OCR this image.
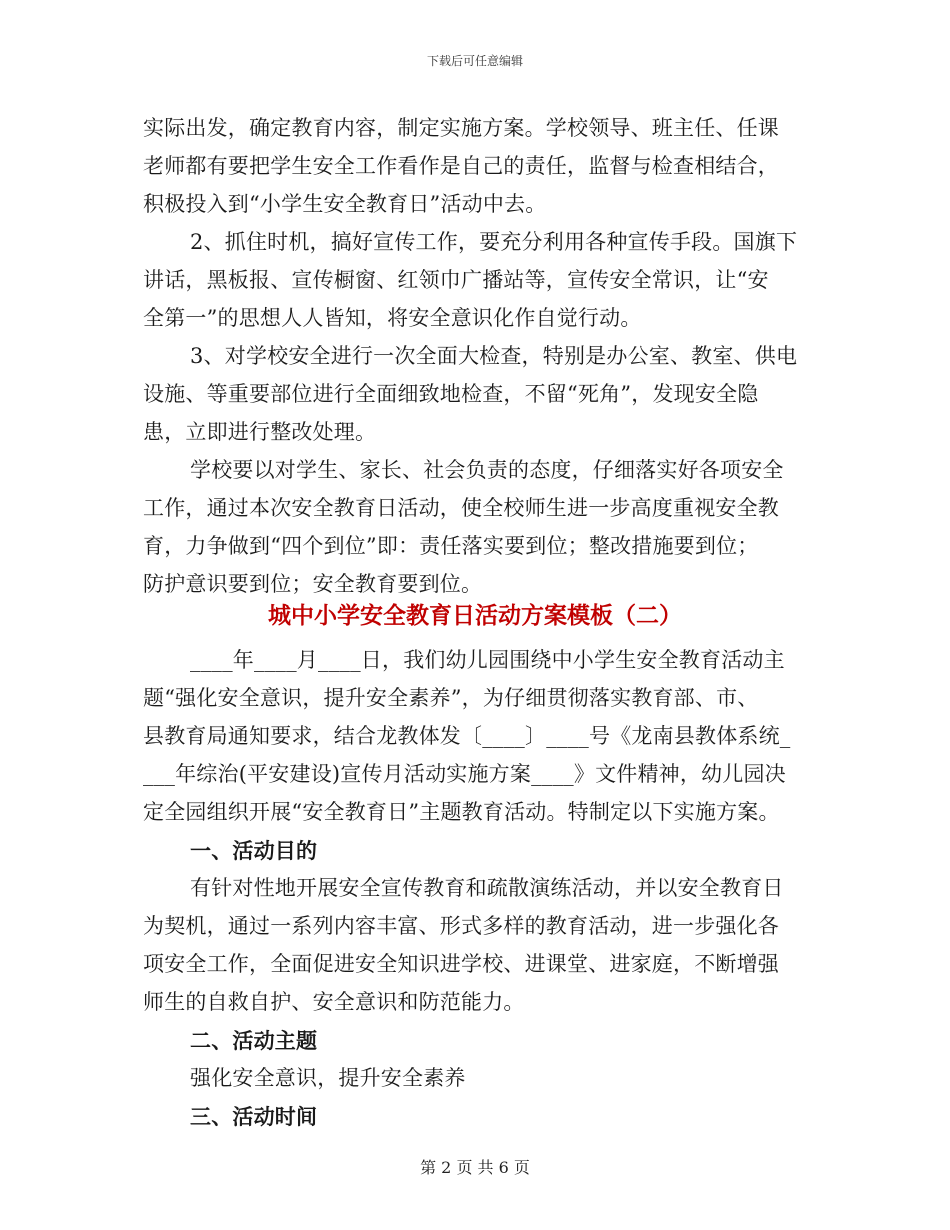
下载后可任意编辑
实际出发，确定教育内容，制定实施方案。学校领导、班主任、任课
老师都有要把学生安全工作看作是自己的责任，监督与检查相结合，
积极投入到“小学生安全教育日”活动中去。
2、抓住时机，搞好宣传工作，要充分利用各种宣传手段。国旗下
讲话，黑板报、宣传橱窗、红领巾广播站等，宣传安全常识，让“安
全第一”的思想人人皆知，将安全意识化作自觉行动。
3、对学校安全进行一次全面大检查，特别是办公室、教室、供电
设施、等重要部位进行全面细致地检查，不留“死角”，发现安全隐
患，立即进行整改处理。
学校要以对学生、家长、社会负责的态度，仔细落实好各项安全
工作，通过本次安全教育日活动，使全校师生进一步高度重视安全教
育，力争做到“四个到位”即：责任落实要到位；整改措施要到位；
防护意识要到位；安全教育要到位。
城中小学安全教育日活动方案模板（二）
____年____月____日，我们幼儿园围绕中小学生安全教育活动主
题“强化安全意识，提升安全素养”，为仔细贯彻落实教育部、市、
县教育局通知要求，结合龙教体发〔____〕____号《龙南县教体系统_
___年综治(平安建设)宣传月活动实施方案____》文件精神，幼儿园决
定全园组织开展“安全教育日”主题教育活动。特制定以下实施方案。
一、活动目的
有针对性地开展安全宣传教育和疏散演练活动，并以安全教育日
为契机，通过一系列内容丰富、形式多样的教育活动，进一步强化各
项安全工作，全面促进安全知识进学校、进课堂、进家庭，不断增强
师生的自救自护、安全意识和防范能力。
二、活动主题
强化安全意识，提升安全素养
三、活动时间
第 2 页 共 6 页
